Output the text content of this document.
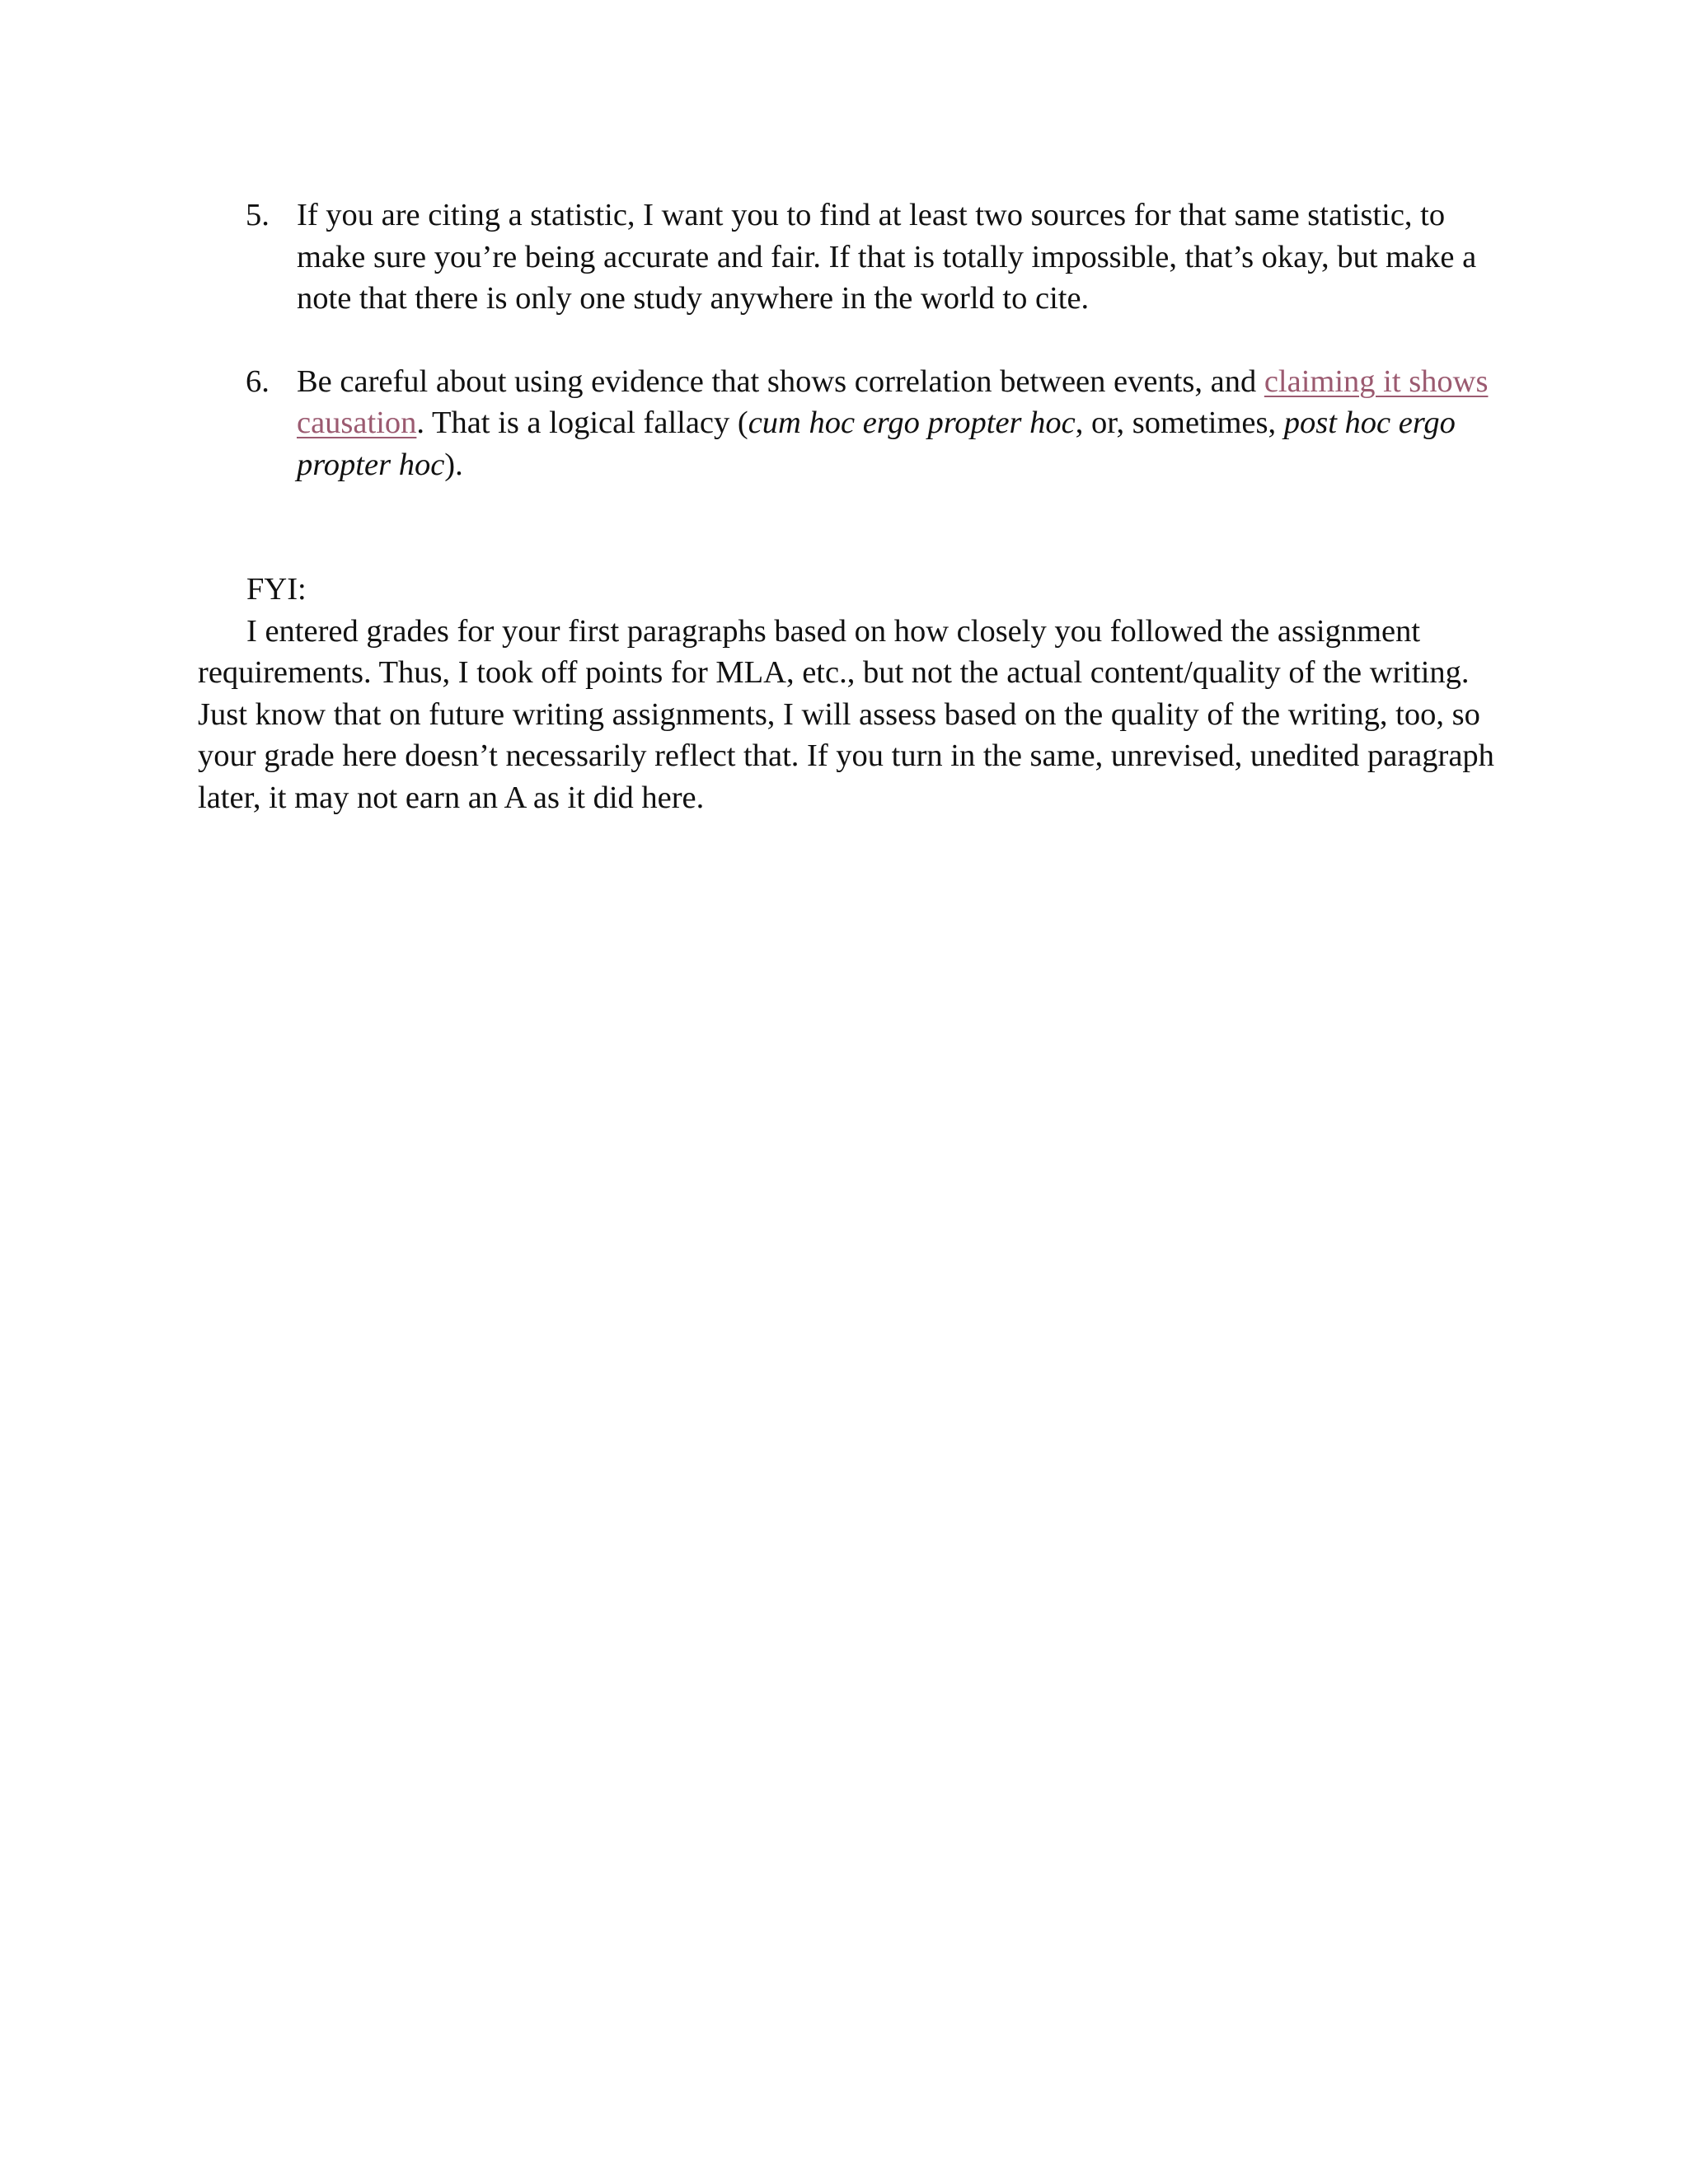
5. If you are citing a statistic, I want you to find at least two sources for that same statistic, to make sure you’re being accurate and fair. If that is totally impossible, that’s okay, but make a note that there is only one study anywhere in the world to cite.
6. Be careful about using evidence that shows correlation between events, and claiming it shows causation. That is a logical fallacy (cum hoc ergo propter hoc, or, sometimes, post hoc ergo propter hoc).
FYI:

I entered grades for your first paragraphs based on how closely you followed the assignment requirements. Thus, I took off points for MLA, etc., but not the actual content/quality of the writing. Just know that on future writing assignments, I will assess based on the quality of the writing, too, so your grade here doesn’t necessarily reflect that. If you turn in the same, unrevised, unedited paragraph later, it may not earn an A as it did here.
